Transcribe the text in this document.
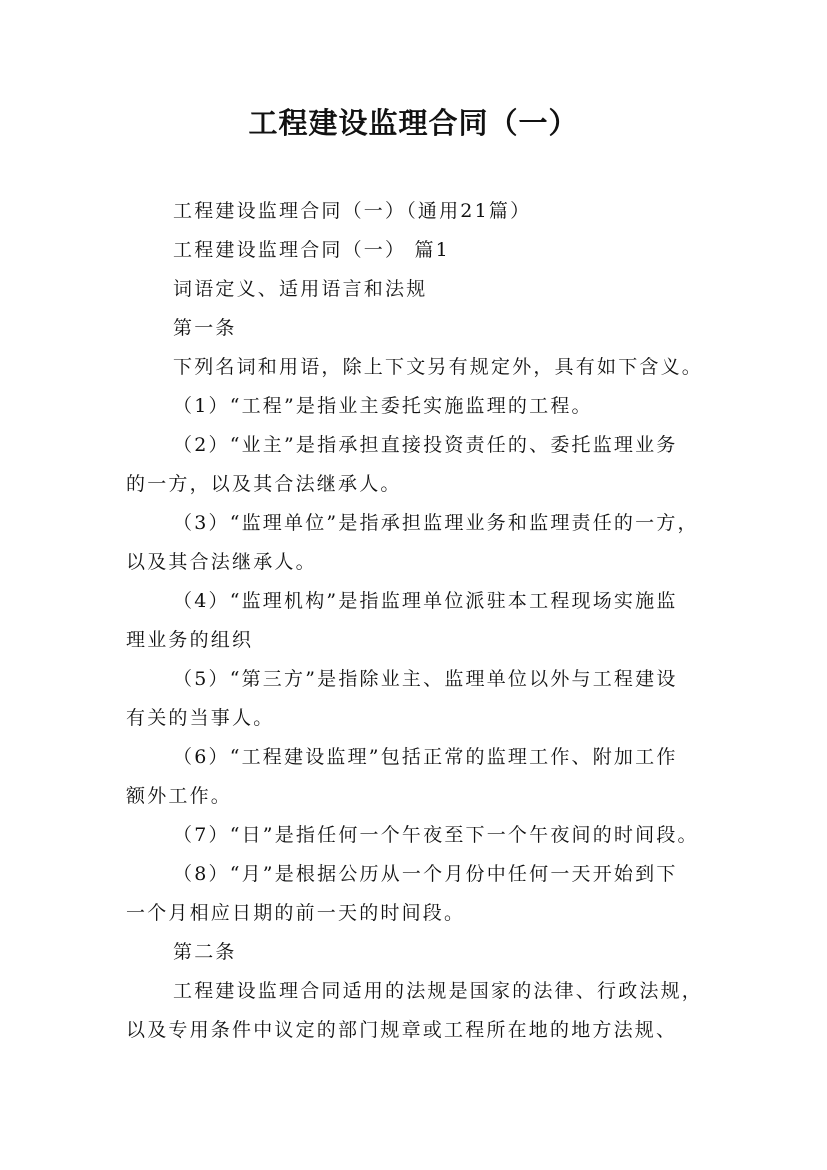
工程建设监理合同（一）
工程建设监理合同（一）（通用21篇）
工程建设监理合同（一） 篇1
词语定义、适用语言和法规
第一条
下列名词和用语，除上下文另有规定外，具有如下含义。
（1）“工程”是指业主委托实施监理的工程。
（2）“业主”是指承担直接投资责任的、委托监理业务
的一方，以及其合法继承人。
（3）“监理单位”是指承担监理业务和监理责任的一方，
以及其合法继承人。
（4）“监理机构”是指监理单位派驻本工程现场实施监
理业务的组织
（5）“第三方”是指除业主、监理单位以外与工程建设
有关的当事人。
（6）“工程建设监理”包括正常的监理工作、附加工作
额外工作。
（7）“日”是指任何一个午夜至下一个午夜间的时间段。
（8）“月”是根据公历从一个月份中任何一天开始到下
一个月相应日期的前一天的时间段。
第二条
工程建设监理合同适用的法规是国家的法律、行政法规，
以及专用条件中议定的部门规章或工程所在地的地方法规、
